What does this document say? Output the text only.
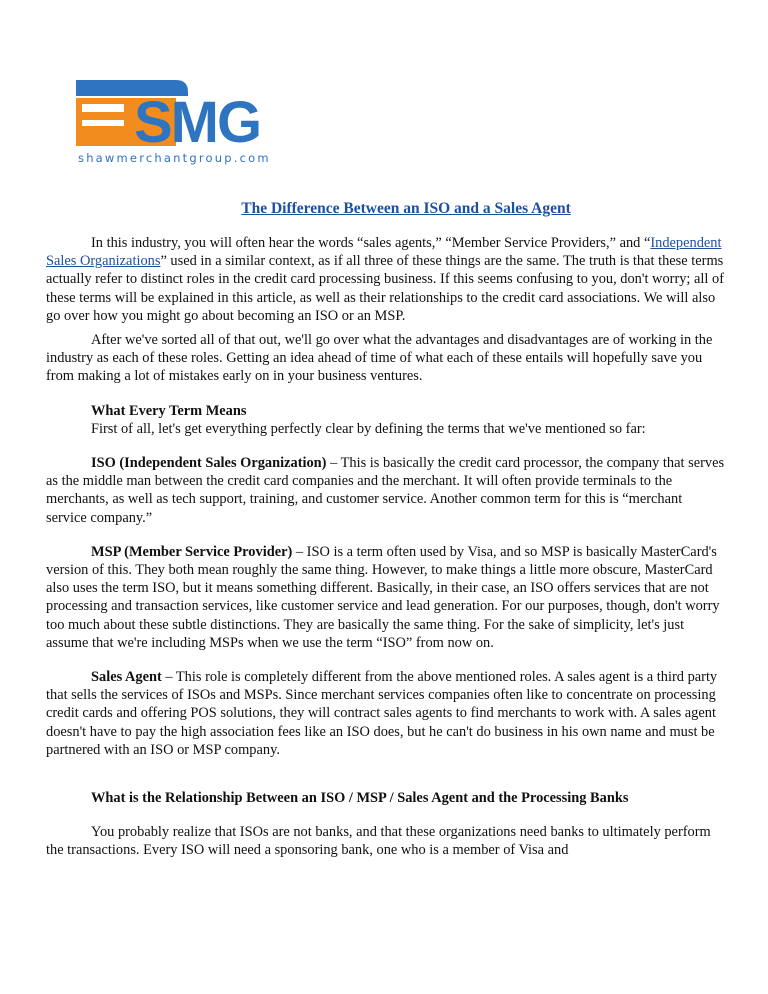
SMG
shawmerchantgroup.com
The Difference Between an ISO and a Sales Agent

In this industry, you will often hear the words “sales agents,” “Member Service Providers,” and “Independent Sales Organizations” used in a similar context, as if all three of these things are the same. The truth is that these terms actually refer to distinct roles in the credit card processing business. If this seems confusing to you, don't worry; all of these terms will be explained in this article, as well as their relationships to the credit card associations. We will also go over how you might go about becoming an ISO or an MSP.

After we've sorted all of that out, we'll go over what the advantages and disadvantages are of working in the industry as each of these roles. Getting an idea ahead of time of what each of these entails will hopefully save you from making a lot of mistakes early on in your business ventures.

What Every Term Means

First of all, let's get everything perfectly clear by defining the terms that we've mentioned so far:

ISO (Independent Sales Organization) – This is basically the credit card processor, the company that serves as the middle man between the credit card companies and the merchant. It will often provide terminals to the merchants, as well as tech support, training, and customer service. Another common term for this is “merchant service company.”

MSP (Member Service Provider) – ISO is a term often used by Visa, and so MSP is basically MasterCard's version of this. They both mean roughly the same thing. However, to make things a little more obscure, MasterCard also uses the term ISO, but it means something different. Basically, in their case, an ISO offers services that are not processing and transaction services, like customer service and lead generation. For our purposes, though, don't worry too much about these subtle distinctions. They are basically the same thing. For the sake of simplicity, let's just assume that we're including MSPs when we use the term “ISO” from now on.

Sales Agent – This role is completely different from the above mentioned roles. A sales agent is a third party that sells the services of ISOs and MSPs. Since merchant services companies often like to concentrate on processing credit cards and offering POS solutions, they will contract sales agents to find merchants to work with. A sales agent doesn't have to pay the high association fees like an ISO does, but he can't do business in his own name and must be partnered with an ISO or MSP company.

What is the Relationship Between an ISO / MSP / Sales Agent and the Processing Banks

You probably realize that ISOs are not banks, and that these organizations need banks to ultimately perform the transactions. Every ISO will need a sponsoring bank, one who is a member of Visa and
